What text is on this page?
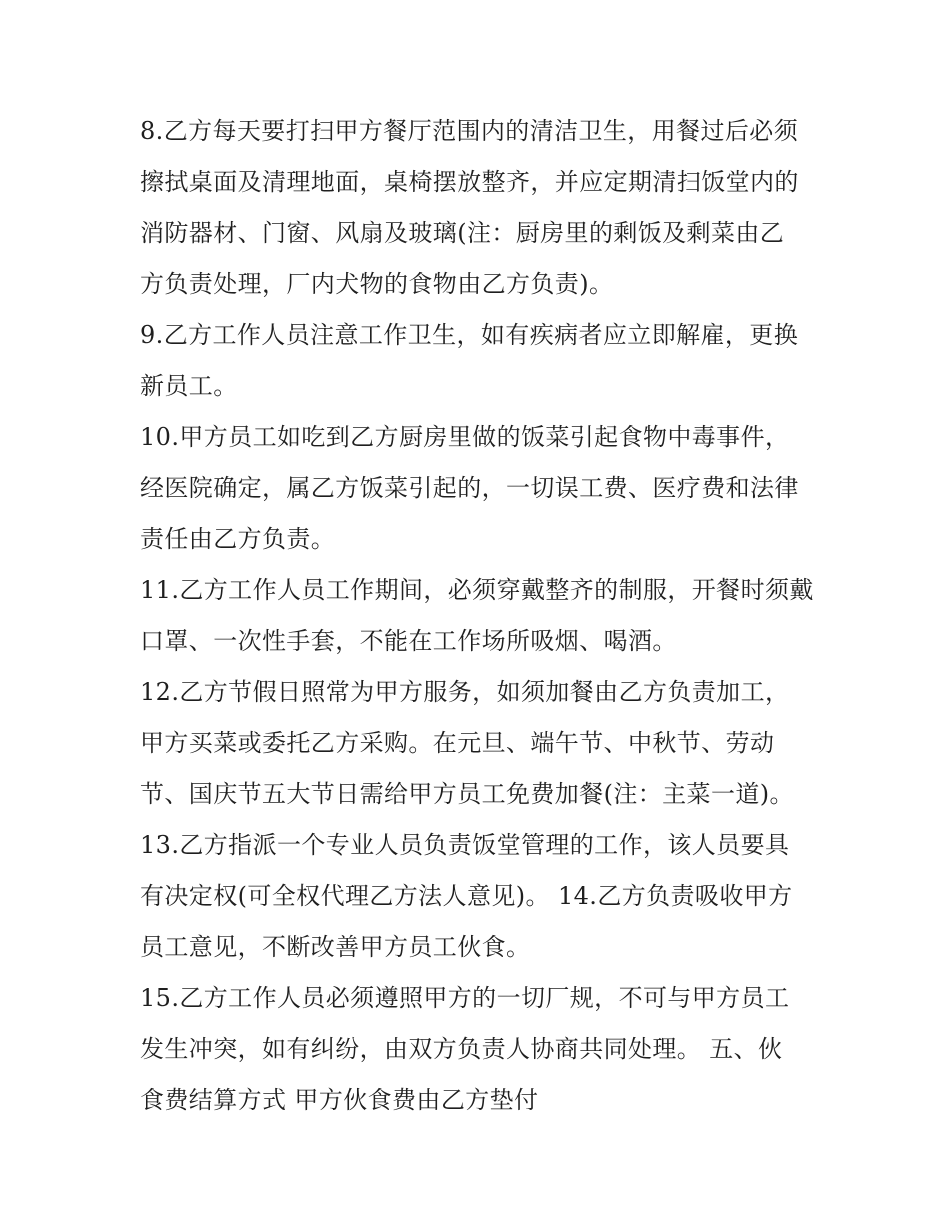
8.乙方每天要打扫甲方餐厅范围内的清洁卫生，用餐过后必须
擦拭桌面及清理地面，桌椅摆放整齐，并应定期清扫饭堂内的
消防器材、门窗、风扇及玻璃(注：厨房里的剩饭及剩菜由乙
方负责处理，厂内犬物的食物由乙方负责)。
9.乙方工作人员注意工作卫生，如有疾病者应立即解雇，更换
新员工。
10.甲方员工如吃到乙方厨房里做的饭菜引起食物中毒事件，
经医院确定，属乙方饭菜引起的，一切误工费、医疗费和法律
责任由乙方负责。
11.乙方工作人员工作期间，必须穿戴整齐的制服，开餐时须戴
口罩、一次性手套，不能在工作场所吸烟、喝酒。
12.乙方节假日照常为甲方服务，如须加餐由乙方负责加工，
甲方买菜或委托乙方采购。在元旦、端午节、中秋节、劳动
节、国庆节五大节日需给甲方员工免费加餐(注：主菜一道)。
13.乙方指派一个专业人员负责饭堂管理的工作，该人员要具
有决定权(可全权代理乙方法人意见)。 14.乙方负责吸收甲方
员工意见，不断改善甲方员工伙食。
15.乙方工作人员必须遵照甲方的一切厂规，不可与甲方员工
发生冲突，如有纠纷，由双方负责人协商共同处理。 五、伙
食费结算方式 甲方伙食费由乙方垫付
